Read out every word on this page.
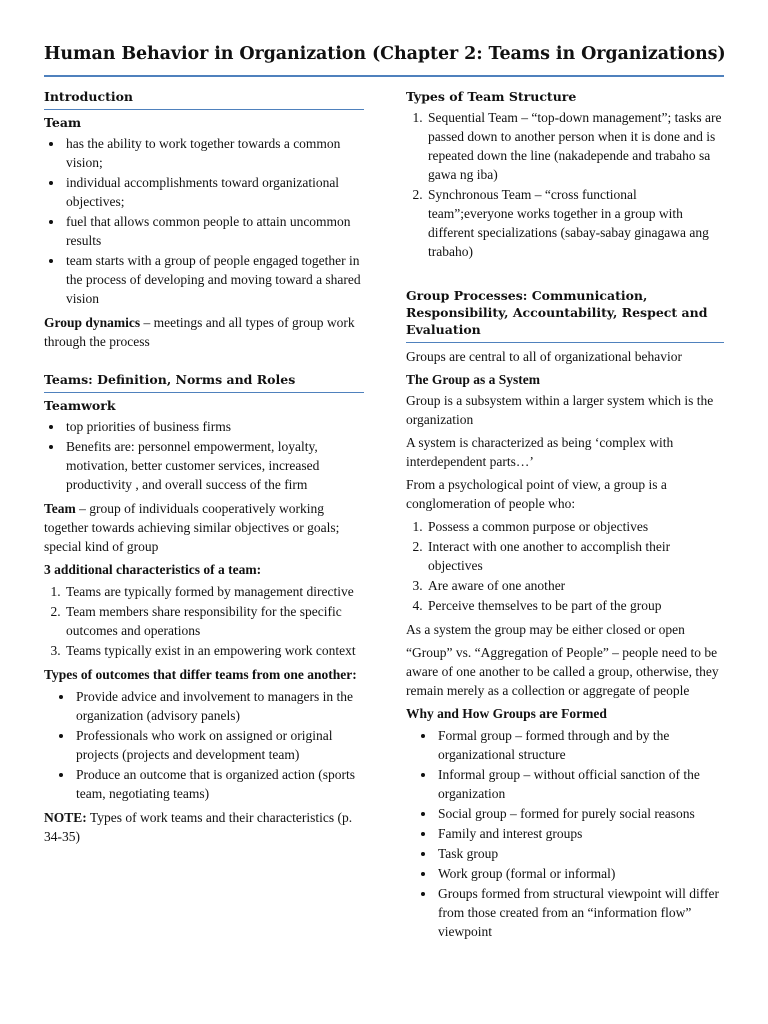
Human Behavior in Organization (Chapter 2: Teams in Organizations)
Introduction
Team
• has the ability to work together towards a common vision;
• individual accomplishments toward organizational objectives;
• fuel that allows common people to attain uncommon results
• team starts with a group of people engaged together in the process of developing and moving toward a shared vision

Group dynamics – meetings and all types of group work through the process

Teams: Definition, Norms and Roles
Teamwork
• top priorities of business firms
• Benefits are: personnel empowerment, loyalty, motivation, better customer services, increased productivity , and overall success of the firm

Team – group of individuals cooperatively working together towards achieving similar objectives or goals; special kind of group

3 additional characteristics of a team:
1. Teams are typically formed by management directive
2. Team members share responsibility for the specific outcomes and operations
3. Teams typically exist in an empowering work context
Types of outcomes that differ teams from one another:
• Provide advice and involvement to managers in the organization (advisory panels)
• Professionals who work on assigned or original projects (projects and development team)
• Produce an outcome that is organized action (sports team, negotiating teams)

NOTE: Types of work teams and their characteristics (p. 34-35)

Types of Team Structure
1. Sequential Team – “top-down management”; tasks are passed down to another person when it is done and is repeated down the line (nakadepende and trabaho sa gawa ng iba)
2. Synchronous Team – “cross functional team”;everyone works together in a group with different specializations (sabay-sabay ginagawa ang trabaho)
Group Processes: Communication, Responsibility, Accountability, Respect and Evaluation

Groups are central to all of organizational behavior

The Group as a System

Group is a subsystem within a larger system which is the organization

A system is characterized as being ‘complex with interdependent parts…’

From a psychological point of view, a group is a conglomeration of people who:

1. Possess a common purpose or objectives
2. Interact with one another to accomplish their objectives
3. Are aware of one another
4. Perceive themselves to be part of the group

As a system the group may be either closed or open

“Group” vs. “Aggregation of People” – people need to be aware of one another to be called a group, otherwise, they remain merely as a collection or aggregate of people

Why and How Groups are Formed
• Formal group – formed through and by the organizational structure
• Informal group – without official sanction of the organization
• Social group – formed for purely social reasons
• Family and interest groups
• Task group
• Work group (formal or informal)
• Groups formed from structural viewpoint will differ from those created from an “information flow” viewpoint
